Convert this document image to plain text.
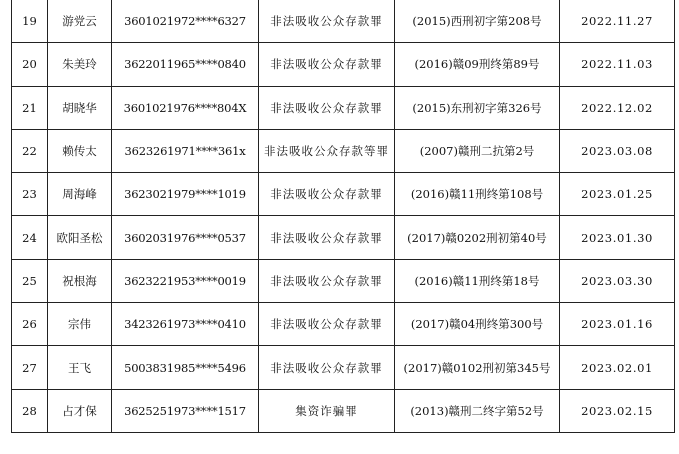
19	游党云	3601021972****6327	非法吸收公众存款罪	(2015)西刑初字第208号	2022.11.27
20	朱美玲	3622011965****0840	非法吸收公众存款罪	(2016)赣09刑终第89号	2022.11.03
21	胡晓华	3601021976****804X	非法吸收公众存款罪	(2015)东刑初字第326号	2022.12.02
22	赖传太	3623261971****361x	非法吸收公众存款等罪	(2007)赣刑二抗第2号	2023.03.08
23	周海峰	3623021979****1019	非法吸收公众存款罪	(2016)赣11刑终第108号	2023.01.25
24	欧阳圣松	3602031976****0537	非法吸收公众存款罪	(2017)赣0202刑初第40号	2023.01.30
25	祝根海	3623221953****0019	非法吸收公众存款罪	(2016)赣11刑终第18号	2023.03.30
26	宗伟	3423261973****0410	非法吸收公众存款罪	(2017)赣04刑终第300号	2023.01.16
27	王飞	5003831985****5496	非法吸收公众存款罪	(2017)赣0102刑初第345号	2023.02.01
28	占才保	3625251973****1517	集资诈骗罪	(2013)赣刑二终字第52号	2023.02.15
